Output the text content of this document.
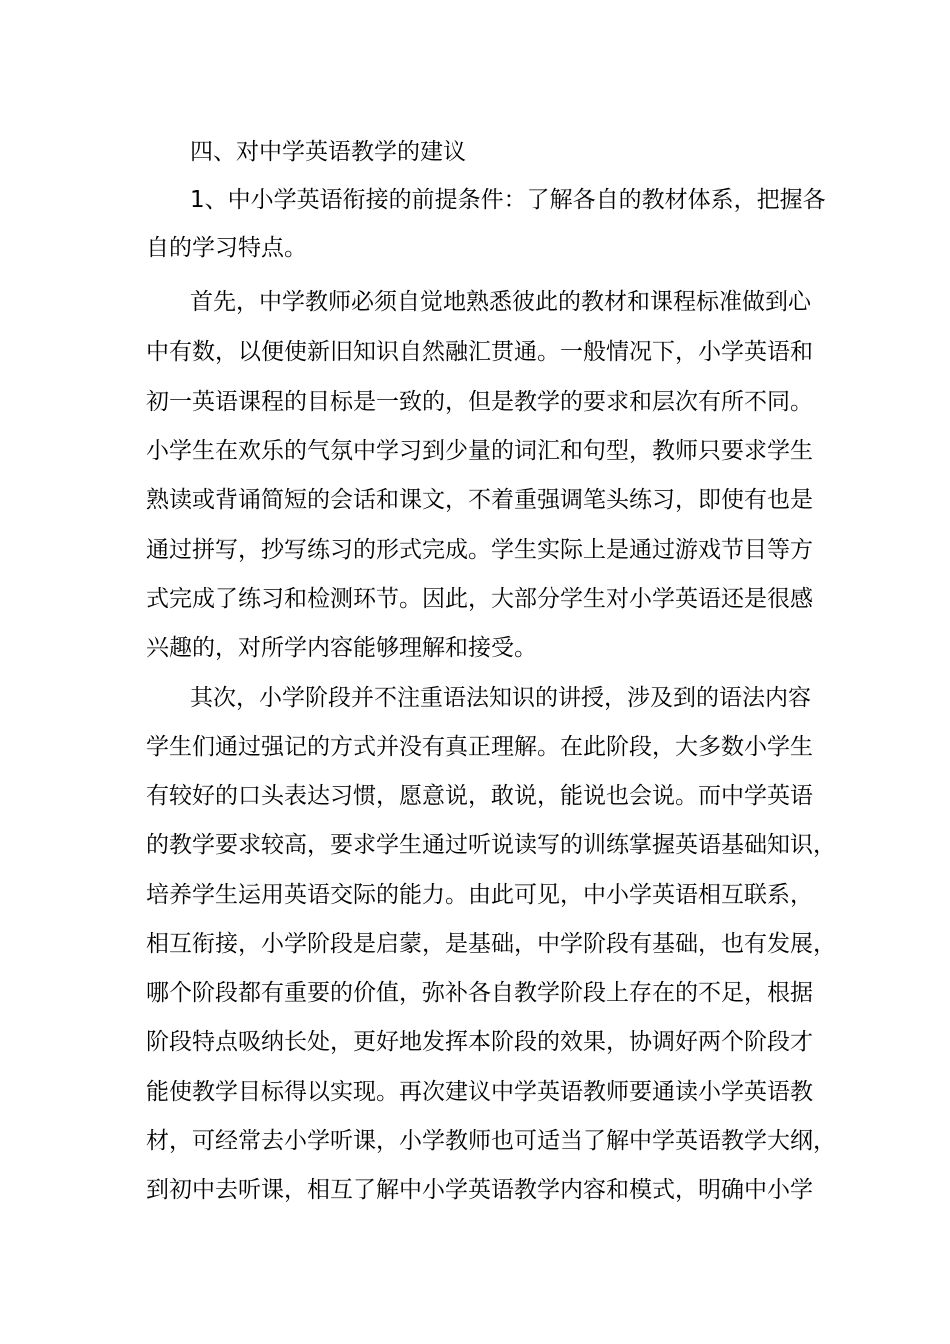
四、对中学英语教学的建议
1、中小学英语衔接的前提条件：了解各自的教材体系，把握各
自的学习特点。
首先，中学教师必须自觉地熟悉彼此的教材和课程标准做到心
中有数，以便使新旧知识自然融汇贯通。一般情况下，小学英语和
初一英语课程的目标是一致的，但是教学的要求和层次有所不同。
小学生在欢乐的气氛中学习到少量的词汇和句型，教师只要求学生
熟读或背诵简短的会话和课文，不着重强调笔头练习，即使有也是
通过拼写，抄写练习的形式完成。学生实际上是通过游戏节目等方
式完成了练习和检测环节。因此，大部分学生对小学英语还是很感
兴趣的，对所学内容能够理解和接受。
其次，小学阶段并不注重语法知识的讲授，涉及到的语法内容
学生们通过强记的方式并没有真正理解。在此阶段，大多数小学生
有较好的口头表达习惯，愿意说，敢说，能说也会说。而中学英语
的教学要求较高，要求学生通过听说读写的训练掌握英语基础知识，
培养学生运用英语交际的能力。由此可见，中小学英语相互联系，
相互衔接，小学阶段是启蒙，是基础，中学阶段有基础，也有发展，
哪个阶段都有重要的价值，弥补各自教学阶段上存在的不足，根据
阶段特点吸纳长处，更好地发挥本阶段的效果，协调好两个阶段才
能使教学目标得以实现。再次建议中学英语教师要通读小学英语教
材，可经常去小学听课，小学教师也可适当了解中学英语教学大纲，
到初中去听课，相互了解中小学英语教学内容和模式，明确中小学
